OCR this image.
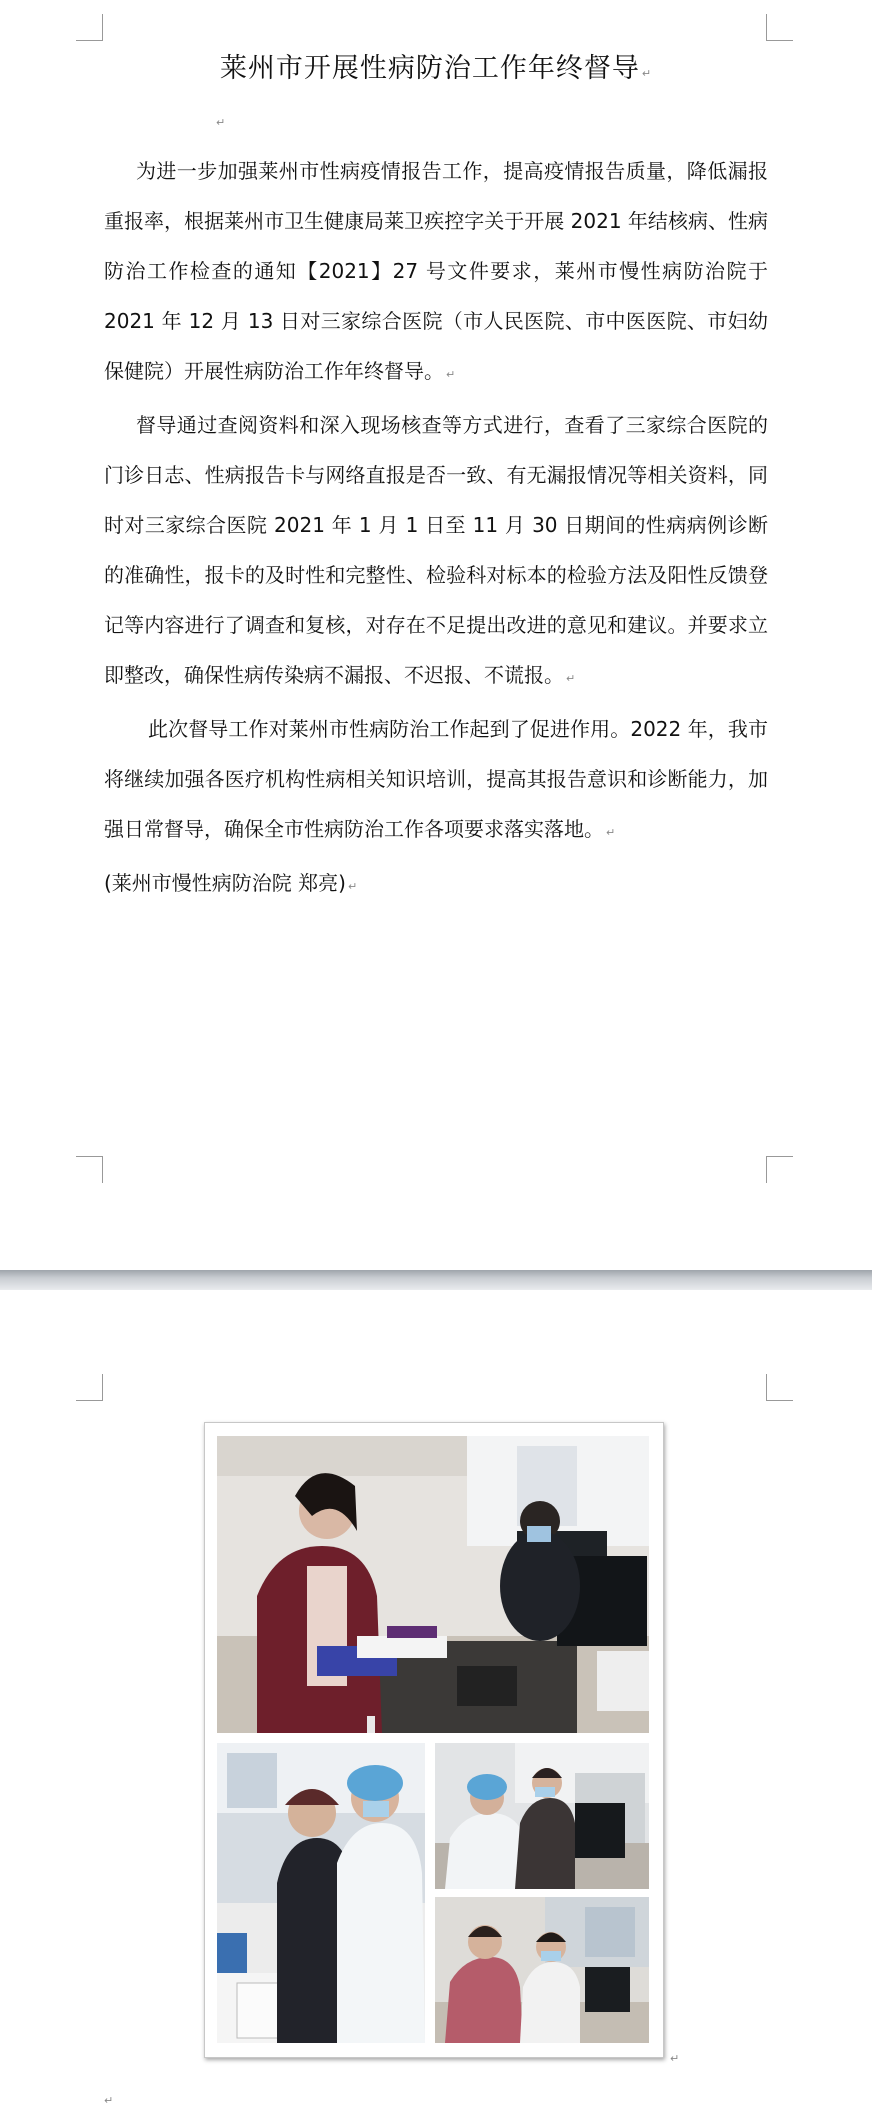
莱州市开展性病防治工作年终督导 ↵
↵

为进一步加强莱州市性病疫情报告工作，提高疫情报告质量，降低漏报重报率，根据莱州市卫生健康局莱卫疾控字关于开展 2021 年结核病、性病防治工作检查的通知【2021】27 号文件要求，莱州市慢性病防治院于 2021 年 12 月 13 日对三家综合医院（市人民医院、市中医医院、市妇幼保健院）开展性病防治工作年终督导。 ↵

督导通过查阅资料和深入现场核查等方式进行，查看了三家综合医院的门诊日志、性病报告卡与网络直报是否一致、有无漏报情况等相关资料，同时对三家综合医院 2021 年 1 月 1 日至 11 月 30 日期间的性病病例诊断的准确性，报卡的及时性和完整性、检验科对标本的检验方法及阳性反馈登记等内容进行了调查和复核，对存在不足提出改进的意见和建议。并要求立即整改，确保性病传染病不漏报、不迟报、不谎报。 ↵

此次督导工作对莱州市性病防治工作起到了促进作用。2022 年，我市将继续加强各医疗机构性病相关知识培训，提高其报告意识和诊断能力，加强日常督导，确保全市性病防治工作各项要求落实落地。 ↵

(莱州市慢性病防治院 郑亮) ↵

↵
↵
